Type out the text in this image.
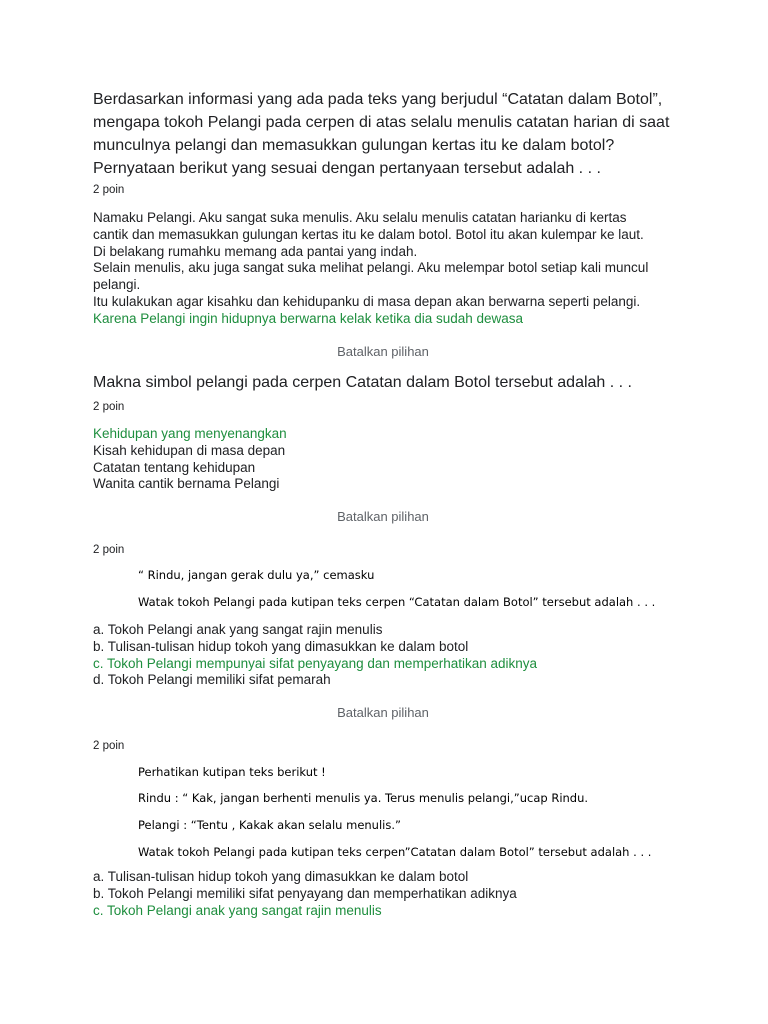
Berdasarkan informasi yang ada pada teks yang berjudul “Catatan dalam Botol”,
mengapa tokoh Pelangi pada cerpen di atas selalu menulis catatan harian di saat
munculnya pelangi dan memasukkan gulungan kertas itu ke dalam botol?
Pernyataan berikut yang sesuai dengan pertanyaan tersebut adalah . . .
2 poin
Namaku Pelangi. Aku sangat suka menulis. Aku selalu menulis catatan harianku di kertas
cantik dan memasukkan gulungan kertas itu ke dalam botol. Botol itu akan kulempar ke laut.
Di belakang rumahku memang ada pantai yang indah.
Selain menulis, aku juga sangat suka melihat pelangi. Aku melempar botol setiap kali muncul
pelangi.
Itu kulakukan agar kisahku dan kehidupanku di masa depan akan berwarna seperti pelangi.
Karena Pelangi ingin hidupnya berwarna kelak ketika dia sudah dewasa
Batalkan pilihan
Makna simbol pelangi pada cerpen Catatan dalam Botol tersebut adalah . . .
2 poin
Kehidupan yang menyenangkan
Kisah kehidupan di masa depan
Catatan tentang kehidupan
Wanita cantik bernama Pelangi
Batalkan pilihan
2 poin
“ Rindu, jangan gerak dulu ya,” cemasku
Watak tokoh Pelangi pada kutipan teks cerpen “Catatan dalam Botol” tersebut adalah . . .
a. Tokoh Pelangi anak yang sangat rajin menulis
b. Tulisan-tulisan hidup tokoh yang dimasukkan ke dalam botol
c. Tokoh Pelangi mempunyai sifat penyayang dan memperhatikan adiknya
d. Tokoh Pelangi memiliki sifat pemarah
Batalkan pilihan
2 poin
Perhatikan kutipan teks berikut !
Rindu : “ Kak, jangan berhenti menulis ya. Terus menulis pelangi,”ucap Rindu.
Pelangi : “Tentu , Kakak akan selalu menulis.”
Watak tokoh Pelangi pada kutipan teks cerpen”Catatan dalam Botol” tersebut adalah . . .
a. Tulisan-tulisan hidup tokoh yang dimasukkan ke dalam botol
b. Tokoh Pelangi memiliki sifat penyayang dan memperhatikan adiknya
c. Tokoh Pelangi anak yang sangat rajin menulis
